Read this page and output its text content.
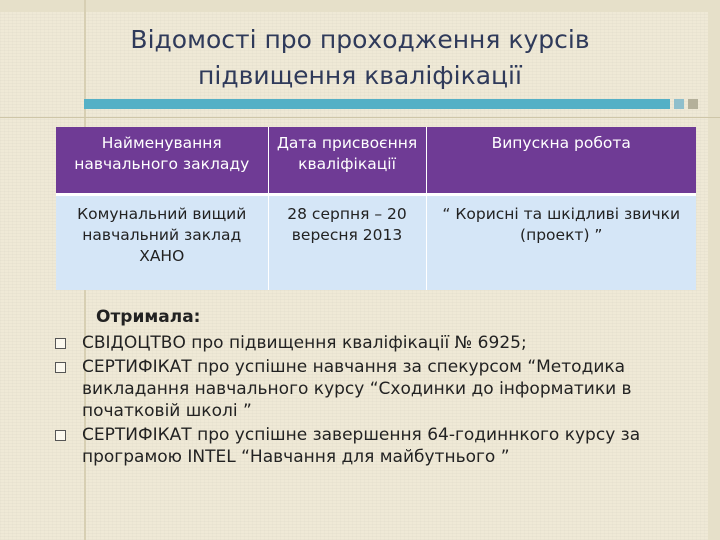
Відомості про проходження курсів
підвищення кваліфікації
Найменування навчального закладу	Дата присвоєння кваліфікації	Випускна робота
Комунальний вищий навчальний заклад ХАНО	28 серпня – 20 вересня 2013	“ Корисні та шкідливі звички (проект) ”
Отримала:
СВІДОЦТВО про підвищення кваліфікації № 6925;
СЕРТИФІКАТ про успішне навчання за спекурсом “Методика викладання навчального курсу “Сходинки до інформатики в початковій школі ”
СЕРТИФІКАТ про успішне завершення 64-годиннкого курсу за програмою INTEL “Навчання для майбутнього ”
